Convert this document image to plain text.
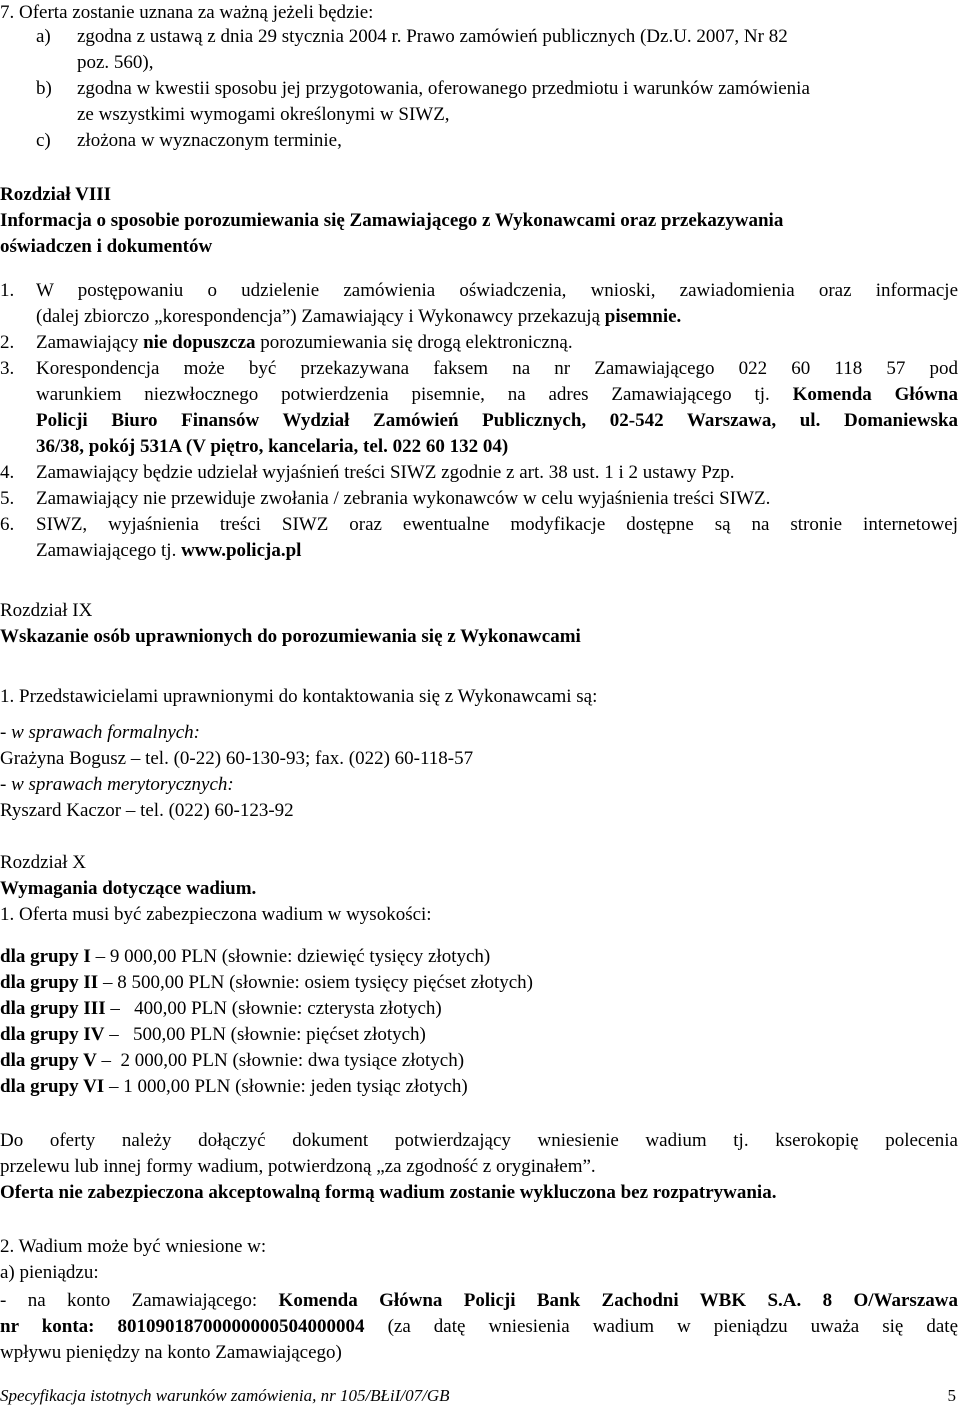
7. Oferta zostanie uznana za ważną jeżeli będzie:
a) zgodna z ustawą z dnia 29 stycznia 2004 r. Prawo zamówień publicznych (Dz.U. 2007, Nr 82
poz. 560),
b) zgodna w kwestii sposobu jej przygotowania, oferowanego przedmiotu i warunków zamówienia
ze wszystkimi wymogami określonymi w SIWZ,
c) złożona w wyznaczonym terminie,
Rozdział VIII
Informacja o sposobie porozumiewania się Zamawiającego z Wykonawcami oraz przekazywania
oświadczen i dokumentów
1. W postępowaniu o udzielenie zamówienia oświadczenia, wnioski, zawiadomienia oraz informacje
(dalej zbiorczo „korespondencja”) Zamawiający i Wykonawcy przekazują pisemnie.
2. Zamawiający nie dopuszcza porozumiewania się drogą elektroniczną.
3. Korespondencja może być przekazywana faksem na nr Zamawiającego 022 60 118 57 pod
warunkiem niezwłocznego potwierdzenia pisemnie, na adres Zamawiającego tj. Komenda Główna
Policji Biuro Finansów Wydział Zamówień Publicznych, 02-542 Warszawa, ul. Domaniewska
36/38, pokój 531A (V piętro, kancelaria, tel. 022 60 132 04)
4. Zamawiający będzie udzielał wyjaśnień treści SIWZ zgodnie z art. 38 ust. 1 i 2 ustawy Pzp.
5. Zamawiający nie przewiduje zwołania / zebrania wykonawców w celu wyjaśnienia treści SIWZ.
6. SIWZ, wyjaśnienia treści SIWZ oraz ewentualne modyfikacje dostępne są na stronie internetowej
Zamawiającego tj. www.policja.pl
Rozdział IX
Wskazanie osób uprawnionych do porozumiewania się z Wykonawcami
1. Przedstawicielami uprawnionymi do kontaktowania się z Wykonawcami są:
- w sprawach formalnych:
Grażyna Bogusz – tel. (0-22) 60-130-93; fax. (022) 60-118-57
- w sprawach merytorycznych:
Ryszard Kaczor – tel. (022) 60-123-92
Rozdział X
Wymagania dotyczące wadium.
1. Oferta musi być zabezpieczona wadium w wysokości:
dla grupy I – 9 000,00 PLN (słownie: dziewięć tysięcy złotych)
dla grupy II – 8 500,00 PLN (słownie: osiem tysięcy pięćset złotych)
dla grupy III –   400,00 PLN (słownie: czterysta złotych)
dla grupy IV –   500,00 PLN (słownie: pięćset złotych)
dla grupy V –  2 000,00 PLN (słownie: dwa tysiące złotych)
dla grupy VI – 1 000,00 PLN (słownie: jeden tysiąc złotych)
Do oferty należy dołączyć dokument potwierdzający wniesienie wadium tj. kserokopię polecenia
przelewu lub innej formy wadium, potwierdzoną „za zgodność z oryginałem”.
Oferta nie zabezpieczona akceptowalną formą wadium zostanie wykluczona bez rozpatrywania.
2. Wadium może być wniesione w:
a) pieniądzu:
- na konto Zamawiającego: Komenda Główna Policji Bank Zachodni WBK S.A. 8 O/Warszawa
nr konta: 80109018700000000504000004 (za datę wniesienia wadium w pieniądzu uważa się datę
wpływu pieniędzy na konto Zamawiającego)
Specyfikacja istotnych warunków zamówienia, nr 105/BŁiI/07/GB	5
